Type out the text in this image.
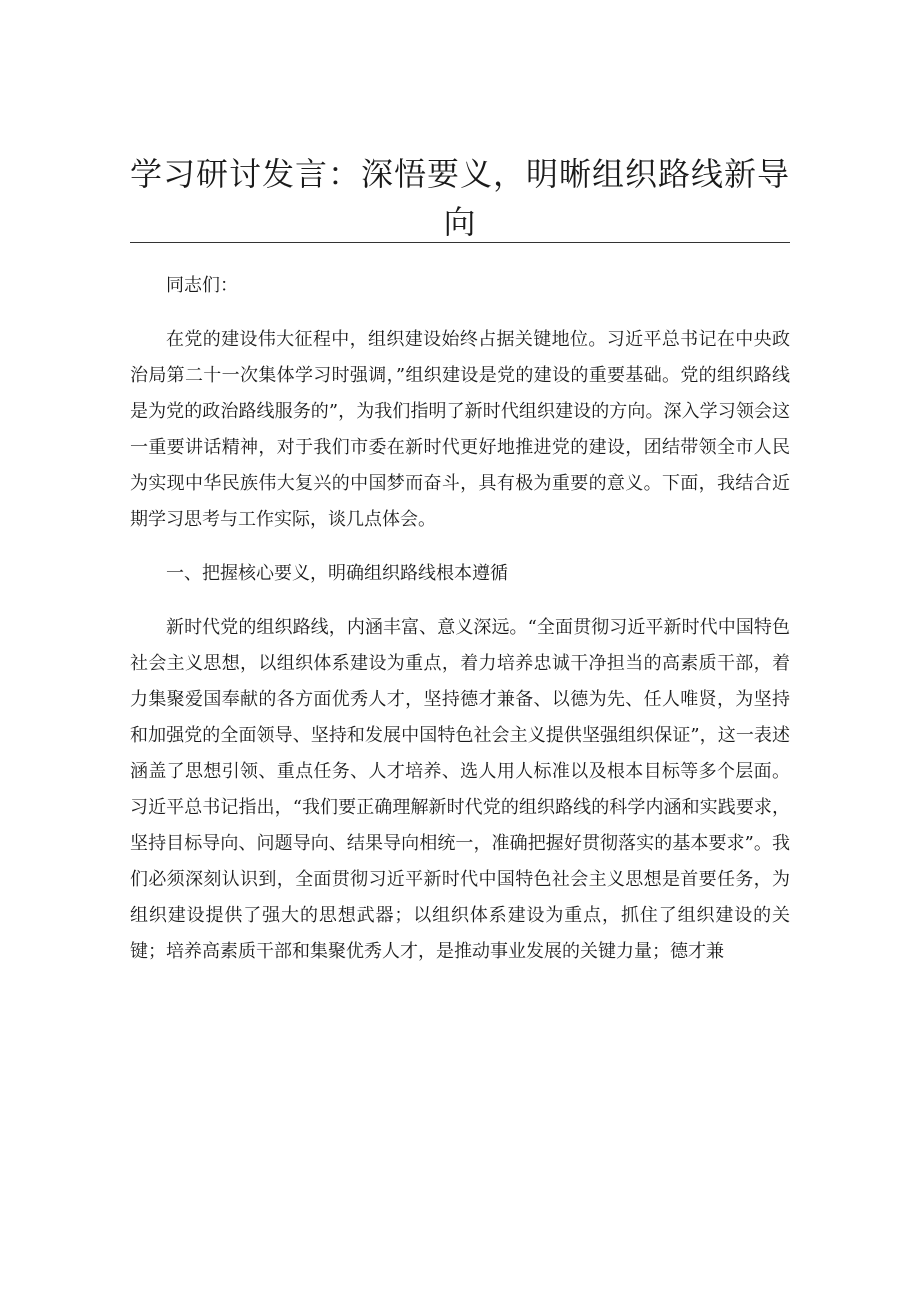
学习研讨发言：深悟要义，明晰组织路线新导向

同志们：

在党的建设伟大征程中，组织建设始终占据关键地位。习近平总书记在中央政治局第二十一次集体学习时强调，”组织建设是党的建设的重要基础。党的组织路线是为党的政治路线服务的”，为我们指明了新时代组织建设的方向。深入学习领会这一重要讲话精神，对于我们市委在新时代更好地推进党的建设，团结带领全市人民为实现中华民族伟大复兴的中国梦而奋斗，具有极为重要的意义。下面，我结合近期学习思考与工作实际，谈几点体会。

一、把握核心要义，明确组织路线根本遵循

新时代党的组织路线，内涵丰富、意义深远。“全面贯彻习近平新时代中国特色社会主义思想，以组织体系建设为重点，着力培养忠诚干净担当的高素质干部，着力集聚爱国奉献的各方面优秀人才，坚持德才兼备、以德为先、任人唯贤，为坚持和加强党的全面领导、坚持和发展中国特色社会主义提供坚强组织保证”，这一表述涵盖了思想引领、重点任务、人才培养、选人用人标准以及根本目标等多个层面。习近平总书记指出，“我们要正确理解新时代党的组织路线的科学内涵和实践要求，坚持目标导向、问题导向、结果导向相统一，准确把握好贯彻落实的基本要求”。我们必须深刻认识到，全面贯彻习近平新时代中国特色社会主义思想是首要任务，为组织建设提供了强大的思想武器；以组织体系建设为重点，抓住了组织建设的关键；培养高素质干部和集聚优秀人才，是推动事业发展的关键力量；德才兼
